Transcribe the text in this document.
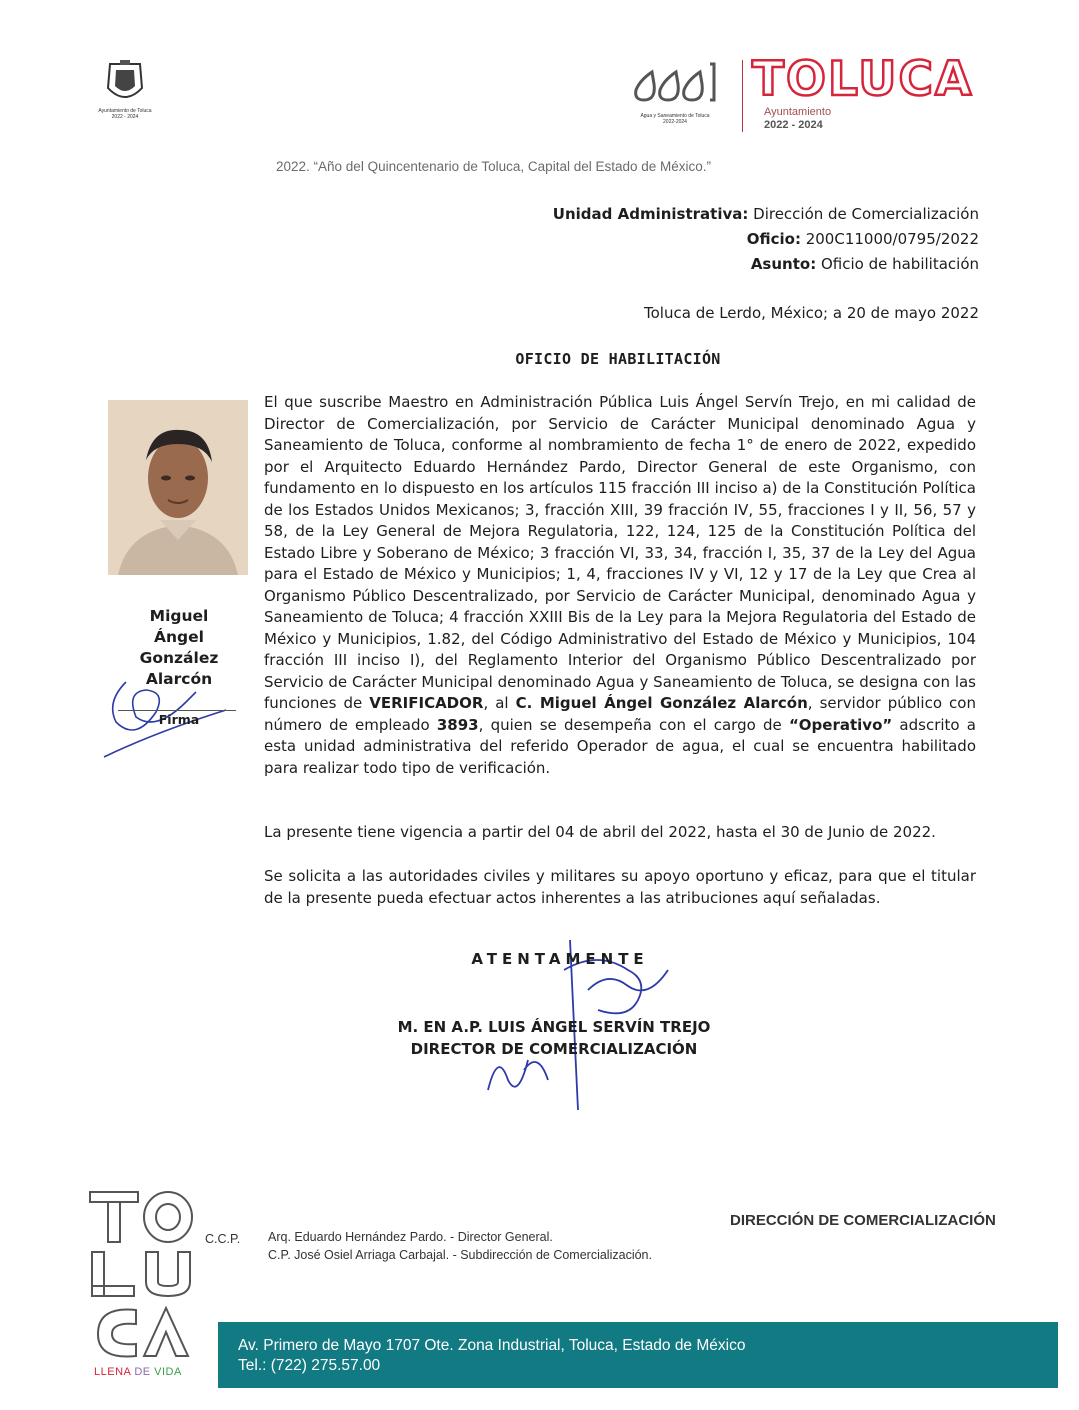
Ayuntamiento de Toluca
2022 - 2024	Agua y Saneamiento de Toluca
2022-2024
TOLUCA
Ayuntamiento
2022 - 2024
2022. “Año del Quincentenario de Toluca, Capital del Estado de México.”
Unidad Administrativa: Dirección de Comercialización
Oficio: 200C11000/0795/2022
Asunto: Oficio de habilitación
Toluca de Lerdo, México; a 20 de mayo 2022
OFICIO DE HABILITACIÓN
Miguel
Ángel
González
Alarcón
Firma
El que suscribe Maestro en Administración Pública Luis Ángel Servín Trejo, en mi calidad de Director de Comercialización, por Servicio de Carácter Municipal denominado Agua y Saneamiento de Toluca, conforme al nombramiento de fecha 1° de enero de 2022, expedido por el Arquitecto Eduardo Hernández Pardo, Director General de este Organismo, con fundamento en lo dispuesto en los artículos 115 fracción III inciso a) de la Constitución Política de los Estados Unidos Mexicanos; 3, fracción XIII, 39 fracción IV, 55, fracciones I y II, 56, 57 y 58, de la Ley General de Mejora Regulatoria, 122, 124, 125 de la Constitución Política del Estado Libre y Soberano de México; 3 fracción VI, 33, 34, fracción I, 35, 37 de la Ley del Agua para el Estado de México y Municipios; 1, 4, fracciones IV y VI, 12 y 17 de la Ley que Crea al Organismo Público Descentralizado, por Servicio de Carácter Municipal, denominado Agua y Saneamiento de Toluca; 4 fracción XXIII Bis de la Ley para la Mejora Regulatoria del Estado de México y Municipios, 1.82, del Código Administrativo del Estado de México y Municipios, 104 fracción III inciso I), del Reglamento Interior del Organismo Público Descentralizado por Servicio de Carácter Municipal denominado Agua y Saneamiento de Toluca, se designa con las funciones de VERIFICADOR, al C. Miguel Ángel González Alarcón, servidor público con número de empleado 3893, quien se desempeña con el cargo de “Operativo” adscrito a esta unidad administrativa del referido Operador de agua, el cual se encuentra habilitado para realizar todo tipo de verificación.
La presente tiene vigencia a partir del 04 de abril del 2022, hasta el 30 de Junio de 2022.
Se solicita a las autoridades civiles y militares su apoyo oportuno y eficaz, para que el titular de la presente pueda efectuar actos inherentes a las atribuciones aquí señaladas.
ATENTAMENTE
M. EN A.P. LUIS ÁNGEL SERVÍN TREJO
DIRECTOR DE COMERCIALIZACIÓN
LLENA DE VIDA
C.C.P. Arq. Eduardo Hernández Pardo. - Director General.
C.P. José Osiel Arriaga Carbajal. - Subdirección de Comercialización.
DIRECCIÓN DE COMERCIALIZACIÓN
Av. Primero de Mayo 1707 Ote. Zona Industrial, Toluca, Estado de México
Tel.: (722) 275.57.00
